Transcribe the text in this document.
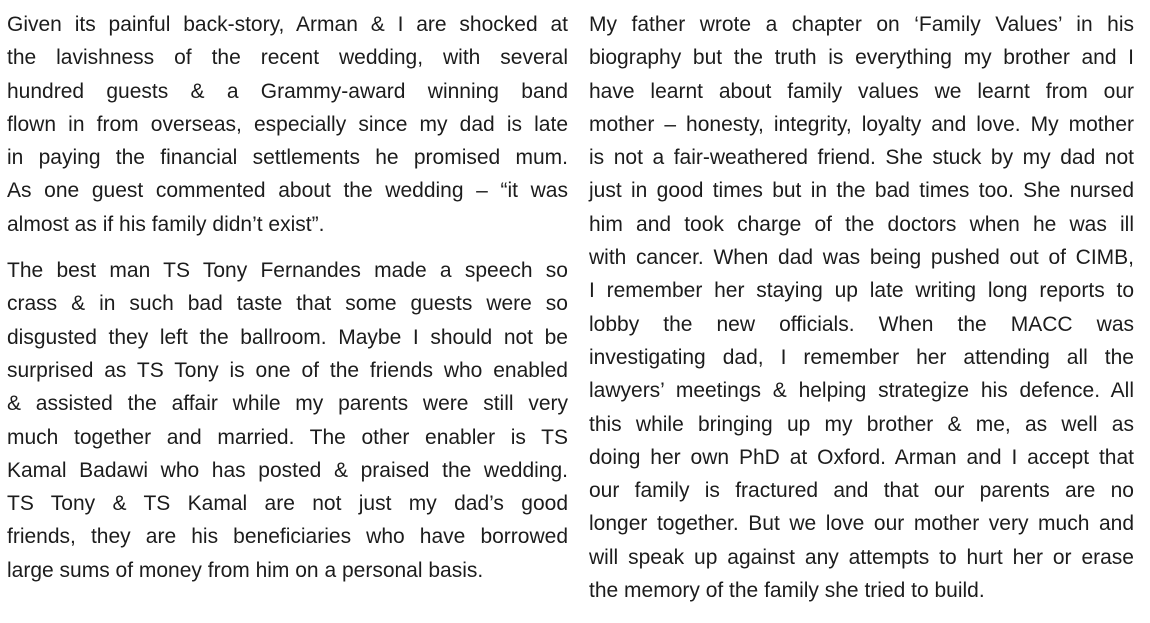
Given its painful back-story, Arman & I are shocked at
the lavishness of the recent wedding, with several
hundred guests & a Grammy-award winning band
flown in from overseas, especially since my dad is late
in paying the financial settlements he promised mum.
As one guest commented about the wedding – “it was
almost as if his family didn’t exist”.

The best man TS Tony Fernandes made a speech so
crass & in such bad taste that some guests were so
disgusted they left the ballroom. Maybe I should not be
surprised as TS Tony is one of the friends who enabled
& assisted the affair while my parents were still very
much together and married. The other enabler is TS
Kamal Badawi who has posted & praised the wedding.
TS Tony & TS Kamal are not just my dad’s good
friends, they are his beneficiaries who have borrowed
large sums of money from him on a personal basis.

My father wrote a chapter on ‘Family Values’ in his
biography but the truth is everything my brother and I
have learnt about family values we learnt from our
mother – honesty, integrity, loyalty and love. My mother
is not a fair-weathered friend. She stuck by my dad not
just in good times but in the bad times too. She nursed
him and took charge of the doctors when he was ill
with cancer. When dad was being pushed out of CIMB,
I remember her staying up late writing long reports to
lobby the new officials. When the MACC was
investigating dad, I remember her attending all the
lawyers’ meetings & helping strategize his defence. All
this while bringing up my brother & me, as well as
doing her own PhD at Oxford. Arman and I accept that
our family is fractured and that our parents are no
longer together. But we love our mother very much and
will speak up against any attempts to hurt her or erase
the memory of the family she tried to build.
